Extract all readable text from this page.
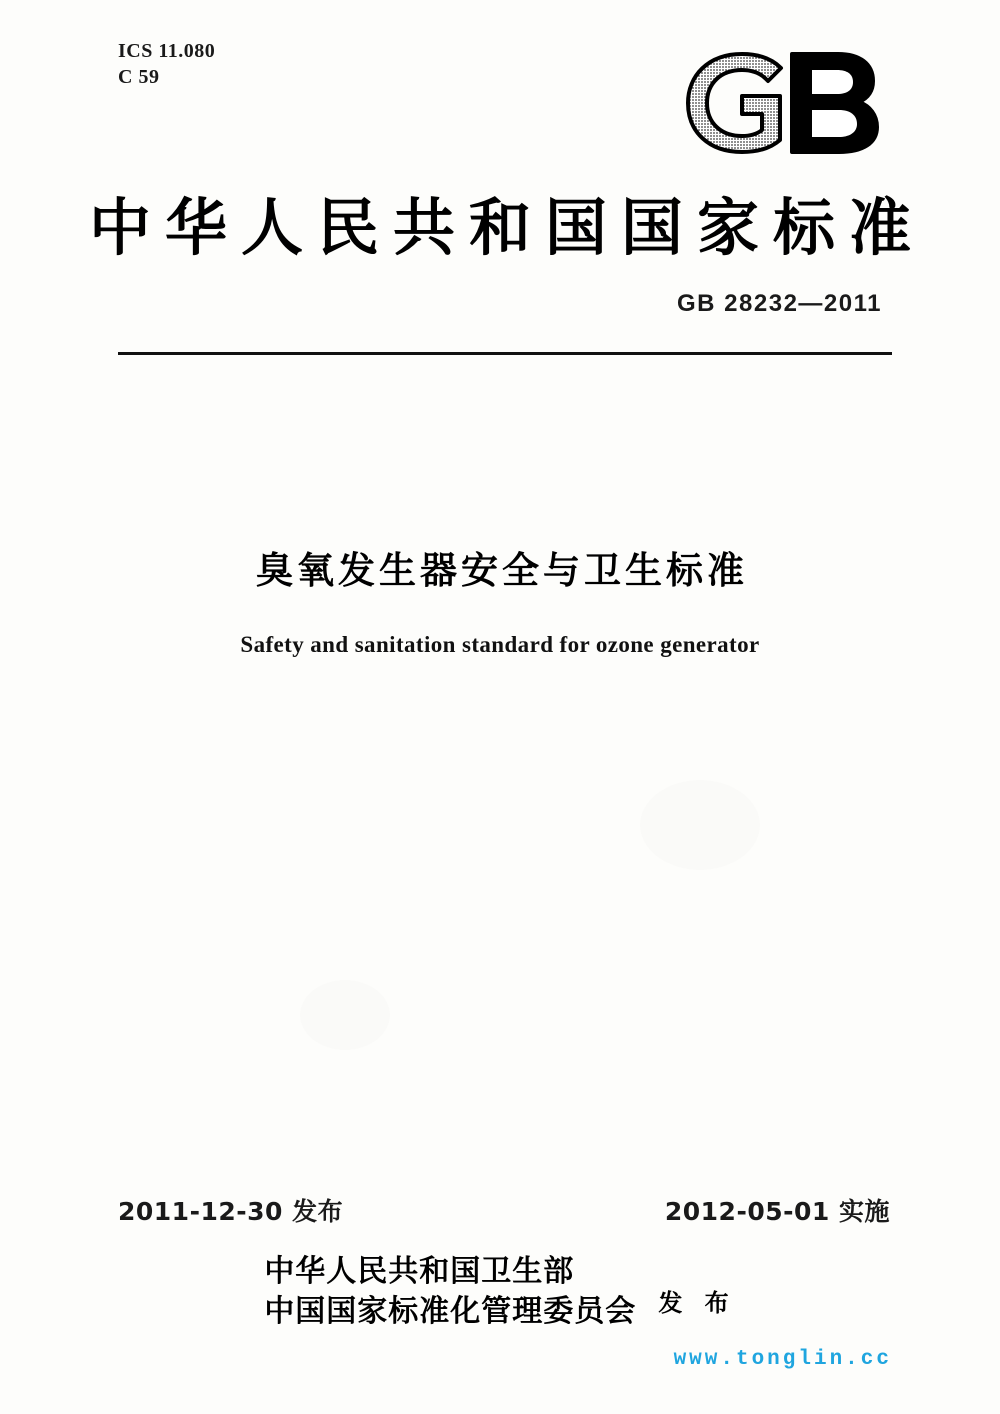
ICS 11.080
C 59
中华人民共和国国家标准
GB 28232—2011
臭氧发生器安全与卫生标准
Safety and sanitation standard for ozone generator
2011-12-30 发布	2012-05-01 实施
中华人民共和国卫生部
中国国家标准化管理委员会 发 布
www.tonglin.cc
